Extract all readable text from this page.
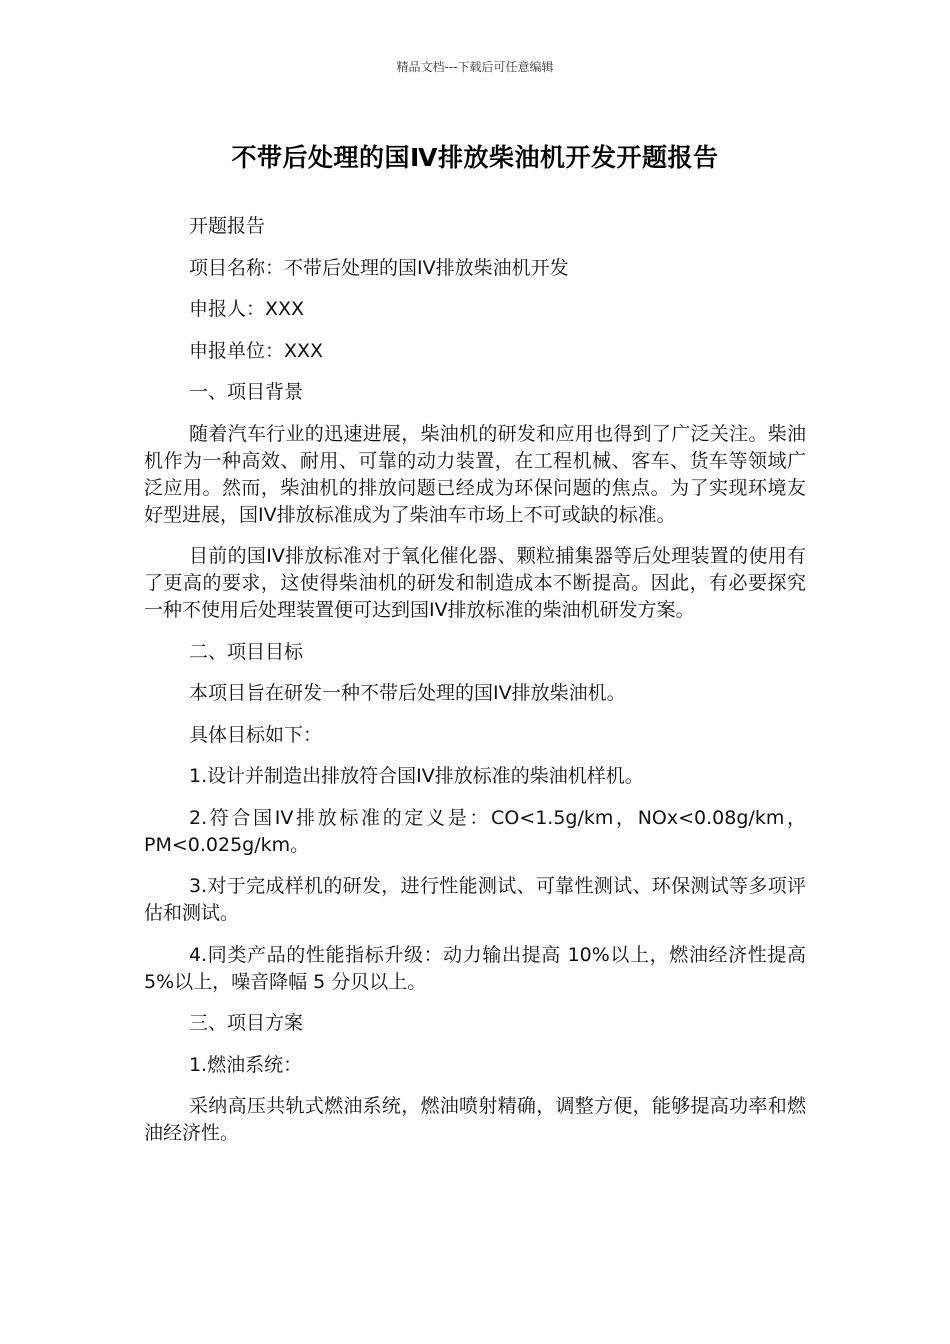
精品文档---下载后可任意编辑
不带后处理的国Ⅳ排放柴油机开发开题报告

开题报告

项目名称：不带后处理的国IV排放柴油机开发

申报人：XXX

申报单位：XXX

一、项目背景

随着汽车行业的迅速进展，柴油机的研发和应用也得到了广泛关注。柴油机作为一种高效、耐用、可靠的动力装置，在工程机械、客车、货车等领域广泛应用。然而，柴油机的排放问题已经成为环保问题的焦点。为了实现环境友好型进展，国IV排放标准成为了柴油车市场上不可或缺的标准。

目前的国IV排放标准对于氧化催化器、颗粒捕集器等后处理装置的使用有了更高的要求，这使得柴油机的研发和制造成本不断提高。因此，有必要探究一种不使用后处理装置便可达到国IV排放标准的柴油机研发方案。

二、项目目标

本项目旨在研发一种不带后处理的国IV排放柴油机。

具体目标如下：

1.设计并制造出排放符合国IV排放标准的柴油机样机。

2.符合国IV排放标准的定义是：CO<1.5g/km，NOx<0.08g/km，PM<0.025g/km。

3.对于完成样机的研发，进行性能测试、可靠性测试、环保测试等多项评估和测试。

4.同类产品的性能指标升级：动力输出提高 10%以上，燃油经济性提高 5%以上，噪音降幅 5 分贝以上。

三、项目方案

1.燃油系统：

采纳高压共轨式燃油系统，燃油喷射精确，调整方便，能够提高功率和燃油经济性。
